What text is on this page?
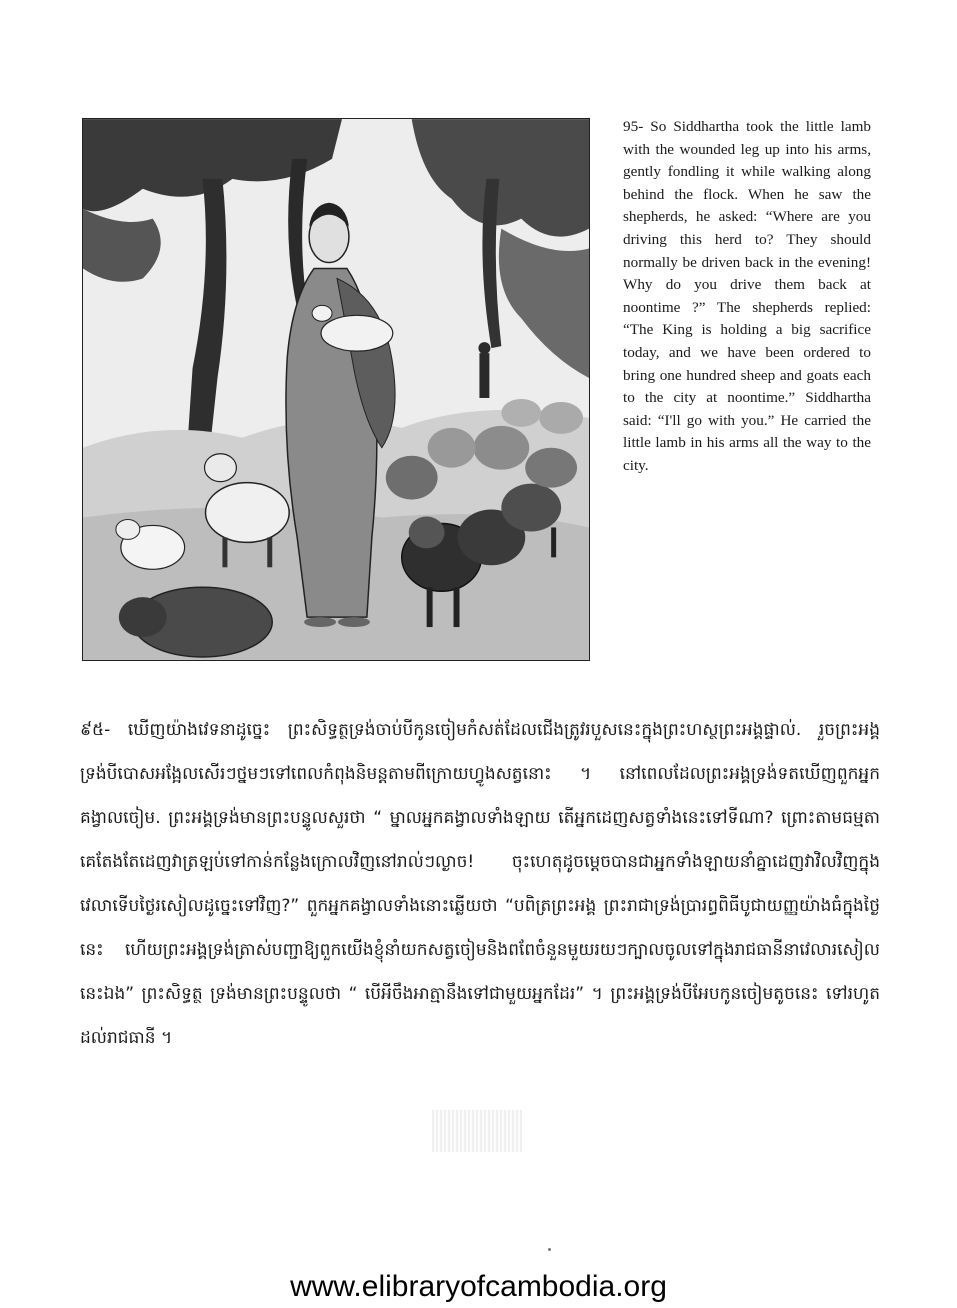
95- So Siddhartha took the little lamb with the wounded leg up into his arms, gently fondling it while walking along behind the flock. When he saw the shepherds, he asked: “Where are you driving this herd to? They should normally be driven back in the evening! Why do you drive them back at noontime ?” The shepherds replied: “The King is holding a big sacrifice today, and we have been ordered to bring one hundred sheep and goats each to the city at noontime.” Siddhartha said: “I'll go with you.” He carried the little lamb in his arms all the way to the city.

៩៥- ឃើញយ៉ាងវេទនាដូច្នេះ ព្រះសិទ្ធត្ថទ្រង់ចាប់បីកូនចៀមកំសត់ដែលជើងត្រូវរបួសនេះក្នុងព្រះហស្ថព្រះអង្គផ្ទាល់. រួចព្រះអង្គទ្រង់បីបោសអង្អែលសើរៗថ្នមៗទៅពេលកំពុងនិមន្តតាមពីក្រោយហ្វូងសត្វនោះ ។ នៅពេលដែលព្រះអង្គទ្រង់ទតឃើញពួកអ្នកគង្វាលចៀម. ព្រះអង្គទ្រង់មានព្រះបន្ទូលសួរថា “ ម្នាលអ្នកគង្វាលទាំងឡាយ តើអ្នកដេញសត្វទាំងនេះទៅទីណា? ព្រោះតាមធម្មតាគេតែងតែដេញវាត្រឡប់ទៅកាន់កន្លែងក្រោលវិញនៅរាល់ៗល្ងាច! ចុះហេតុដូចម្តេចបានជាអ្នកទាំងឡាយនាំគ្នាដេញវាវិលវិញក្នុងវេលាទើបថ្ងៃរសៀលដូច្នេះទៅវិញ?” ពួកអ្នកគង្វាលទាំងនោះឆ្លើយថា “បពិត្រព្រះអង្គ ព្រះរាជាទ្រង់ប្រារព្ធពិធីបូជាយញ្ញយ៉ាងធំក្នុងថ្ងៃនេះ ហើយព្រះអង្គទ្រង់ត្រាស់បញ្ជាឱ្យពួកយើងខ្ញុំនាំយកសត្វចៀមនិងពពែចំនួនមួយរយៗក្បាលចូលទៅក្នុងរាជធានីនាវេលារសៀលនេះឯង” ព្រះសិទ្ធត្ថ ទ្រង់មានព្រះបន្ទូលថា “ បើអីចឹងអាត្មានឹងទៅជាមួយអ្នកដែរ” ។ ព្រះអង្គទ្រង់បីអែបកូនចៀមតូចនេះ ទៅរហូតដល់រាជធានី ។

www.elibraryofcambodia.org
